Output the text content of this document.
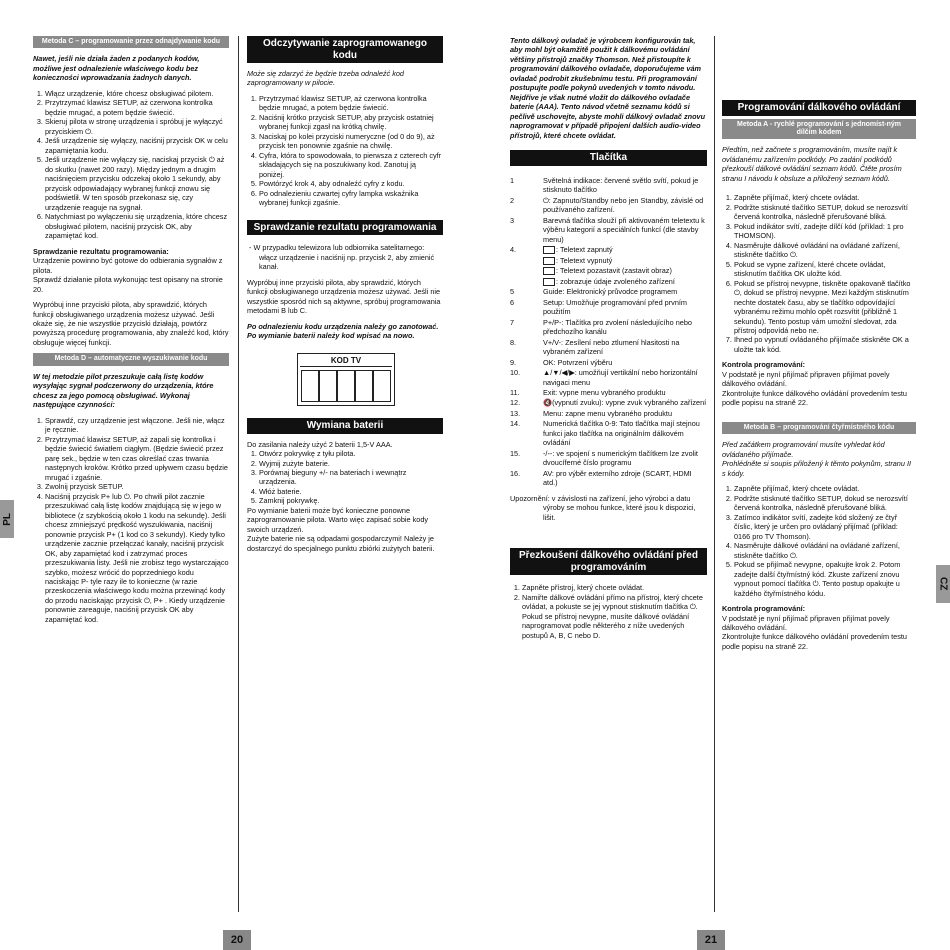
PL
CZ
Metoda C – programowanie przez odnajdywanie kodu

Nawet, jeśli nie działa żaden z podanych kodów, możliwe jest odnalezienie właściwego kodu bez konieczności wprowadzania żadnych danych.

1. Włącz urządzenie, które chcesz obsługiwać pilotem.
2. Przytrzymać klawisz SETUP, aż czerwona kontrolka będzie mrugać, a potem będzie świecić.
3. Skieruj pilota w stronę urządzenia i spróbuj je wyłączyć przyciskiem ⏻.
4. Jeśli urządzenie się wyłączy, naciśnij przycisk OK w celu zapamiętania kodu.
5. Jeśli urządzenie nie wyłączy się, naciskaj przycisk ⏻ aż do skutku (nawet 200 razy). Między jednym a drugim naciśnięciem przycisku odczekaj około 1 sekundy, aby przycisk odpowiadający wybranej funkcji znowu się podświetlił. W ten sposób przekonasz się, czy urządzenie reaguje na sygnał.
6. Natychmiast po wyłączeniu się urządzenia, które chcesz obsługiwać pilotem, naciśnij przycisk OK, aby zapamiętać kod.

Sprawdzanie rezultatu programowania:

Urządzenie powinno być gotowe do odbierania sygnałów z pilota.

Sprawdź działanie pilota wykonując test opisany na stronie 20.

Wypróbuj inne przyciski pilota, aby sprawdzić, których funkcji obsługiwanego urządzenia możesz używać. Jeśli okaże się, że nie wszystkie przyciski działają, powtórz powyższą procedurę programowania, aby znaleźć kod, który obsługuje więcej funkcji.

Metoda D – automatyczne wyszukiwanie kodu

W tej metodzie pilot przeszukuje całą listę kodów wysyłając sygnał podczerwony do urządzenia, które chcesz za jego pomocą obsługiwać. Wykonaj następujące czynności:

1. Sprawdź, czy urządzenie jest włączone. Jeśli nie, włącz je ręcznie.
2. Przytrzymać klawisz SETUP, aż zapali się kontrolka i będzie świecić światłem ciągłym. (Będzie świecić przez parę sek., będzie w ten czas określać czas trwania następnych kroków. Krótko przed upływem czasu będzie mrugać i zgaśnie.
3. Zwolnij przycisk SETUP.
4. Naciśnij przycisk P+ lub ⏻. Po chwili pilot zacznie przeszukiwać całą listę kodów znajdującą się w jego w bibliotece (z szybkością około 1 kodu na sekundę). Jeśli chcesz zmniejszyć prędkość wyszukiwania, naciśnij ponownie przycisk P+ (1 kod co 3 sekundy). Kiedy tylko urządzenie zacznie przełączać kanały, naciśnij przycisk OK, aby zapamiętać kod i zatrzymać proces przeszukiwania listy. Jeśli nie zrobisz tego wystarczająco szybko, możesz wrócić do poprzedniego kodu naciskając P- tyle razy ile to konieczne (w razie przeskoczenia właściwego kodu można przewinąć kody do przodu naciskając przycisk ⏻, P+ . Kiedy urządzenie ponownie zareaguje, naciśnij przycisk OK aby zapamiętać kod.
Odczytywanie zaprogramowanego kodu

Może się zdarzyć że będzie trzeba odnaleźć kod zaprogramowany w pilocie.

1. Przytrzymać klawisz SETUP, aż czerwona kontrolka będzie mrugać, a potem będzie świecić.
2. Naciśnij krótko przycisk SETUP, aby przycisk ostatniej wybranej funkcji zgasł na krótką chwilę.
3. Naciskaj po kolei przyciski numeryczne (od 0 do 9), aż przycisk ten ponownie zgaśnie na chwilę.
4. Cyfra, która to spowodowała, to pierwsza z czterech cyfr składających się na poszukiwany kod. Zanotuj ją poniżej.
5. Powtórzyć krok 4, aby odnaleźć cyfry z kodu.
6. Po odnalezieniu czwartej cyfry lampka wskaźnika wybranej funkcji zgaśnie.
Sprawdzanie rezultatu programowania
- W przypadku telewizora lub odbiornika satelitarnego: włącz urządzenie i naciśnij np. przycisk 2, aby zmienić kanał.

Wypróbuj inne przyciski pilota, aby sprawdzić, których funkcji obsługiwanego urządzenia możesz używać. Jeśli nie wszystkie sposród nich są aktywne, spróbuj programowania metodami B lub C.

Po odnalezieniu kodu urządzenia należy go zanotować. Po wymianie baterii należy kod wpisać na nowo.

KOD TV
Wymiana baterii

Do zasilania należy użyć 2 baterii 1,5-V AAA.

1. Otwórz pokrywkę z tyłu pilota.
2. Wyjmij zużyte baterie.
3. Porównaj bieguny +/- na bateriach i wewnątrz urządzenia.
4. Włóż baterie.
5. Zamknij pokrywkę.

Po wymianie baterii może być konieczne ponowne zaprogramowanie pilota. Warto więc zapisać sobie kody swoich urządzeń.

Zużyte baterie nie są odpadami gospodarczymi! Należy je dostarczyć do specjalnego punktu zbiórki zużytych baterii.

Tento dálkový ovladač je výrobcem konfigurován tak, aby mohl být okamžitě použit k dálkovému ovládání většiny přístrojů značky Thomson. Než přistoupíte k programování dálkového ovladače, doporučujeme vám ovladač podrobit zkušebnímu testu. Při programování postupujte podle pokynů uvedených v tomto návodu. Nejdříve je však nutné vložit do dálkového ovladače baterie (AAA). Tento návod včetně seznamu kódů si pečlivě uschovejte, abyste mohli dálkový ovladač znovu naprogramovat v případě připojení dalších audio-video přístrojů, které chcete ovládat.

Tlačítka
1	Světelná indikace: červené světlo svítí, pokud je stisknuto tlačítko
2	⏻: Zapnuto/Standby nebo jen Standby, závislé od používaného zařízení.
3	Barevná tlačítka slouží při aktivovaném teletextu k výběru kategorií a speciálních funkcí (dle stavby menu)
4.	: Teletext zapnutý
: Teletext vypnutý
: Teletext pozastavit (zastavit obraz)
: zobrazuje údaje zvoleného zařízení
5	Guide: Elektronický průvodce programem
6	Setup: Umožňuje programování před prvním použitím
7	P+/P-: Tlačítka pro zvolení následujícího nebo předchozího kanálu
8.	V+/V-: Zesílení nebo ztlumení hlasitosti na vybraném zařízení
9.	OK: Potvrzení výběru
10.	▲/▼/◀/▶: umožňují vertikální nebo horizontální navigaci menu
11.	Exit: vypne menu vybraného produktu
12.	🔇(vypnutí zvuku): vypne zvuk vybraného zařízení
13.	Menu: zapne menu vybraného produktu
14.	Numerická tlačítka 0-9: Tato tlačítka mají stejnou funkci jako tlačítka na originálním dálkovém ovládání
15.	-/--: ve spojení s numerickým tlačítkem lze zvolit dvoucíferné číslo programu
16.	AV: pro výběr externího zdroje (SCART, HDMI atd.)

Upozornění: v závislosti na zařízení, jeho výrobci a datu výroby se mohou funkce, které jsou k dispozici, lišit.

Přezkoušení dálkového ovládání před programováním
1. Zapněte přístroj, který chcete ovládat.
2. Namiřte dálkové ovládání přímo na přístroj, který chcete ovládat, a pokuste se jej vypnout stisknutím tlačítka ⏻. Pokud se přístroj nevypne, musíte dálkové ovládání naprogramovat podle některého z níže uvedených postupů A, B, C nebo D.
Programování dálkového ovládání
Metoda A - rychlé programování s jednomíst-ným dílčím kódem

Předtím, než začnete s programováním, musíte najít k ovládanému zařízením podkódy. Po zadání podkódů přezkouší dálkové ovládání seznam kódů. Čtěte prosím stranu I návodu k obsluze a přiložený seznam kódů.

1. Zapněte přijímač, který chcete ovládat.
2. Podržte stisknuté tlačítko SETUP, dokud se nerozsvítí červená kontrolka, následně přerušované bliká.
3. Pokud indikátor svítí, zadejte dílčí kód (příklad: 1 pro THOMSON).
4. Nasměrujte dálkové ovládání na ovládané zařízení, stiskněte tlačítko ⏻.
5. Pokud se vypne zařízení, které chcete ovládat, stisknutím tlačítka OK uložte kód.
6. Pokud se přístroj nevypne, tiskněte opakovaně tlačítko ⏻, dokud se přístroj nevypne. Mezi každým stisknutím nechte dostatek času, aby se tlačítko odpovídající vybranému režimu mohlo opět rozsvítit (přibližně 1 sekundu). Tento postup vám umožní sledovat, zda přístroj odpovídá nebo ne.
7. Ihned po vypnutí ovládaného přijímače stiskněte OK a uložte tak kód.

Kontrola programování:

V podstatě je nyní přijímač připraven přijímat povely dálkového ovládání.

Zkontrolujte funkce dálkového ovládání provedením testu podle popisu na straně 22.

Metoda B – programování čtyřmístného kódu

Před začátkem programování musíte vyhledat kód ovládaného přijímače.

Prohlédněte si soupis přiložený k těmto pokynům, stranu II s kódy.

1. Zapněte přijímač, který chcete ovládat.
2. Podržte stisknuté tlačítko SETUP, dokud se nerozsvítí červená kontrolka, následně přerušované bliká.
3. Zatímco indikátor svítí, zadejte kód složený ze čtyř číslic, který je určen pro ovládaný přijímač (příklad: 0166 pro TV Thomson).
4. Nasměrujte dálkové ovládání na ovládané zařízení, stiskněte tlačítko ⏻.
5. Pokud se přijímač nevypne, opakujte krok 2. Potom zadejte další čtyřmístný kód. Zkuste zařízení znovu vypnout pomocí tlačítka ⏻. Tento postup opakujte u každého čtyřmístného kódu.

Kontrola programování:

V podstatě je nyní přijímač připraven přijímat povely dálkového ovládání.

Zkontrolujte funkce dálkového ovládání provedením testu podle popisu na straně 22.

20	21
